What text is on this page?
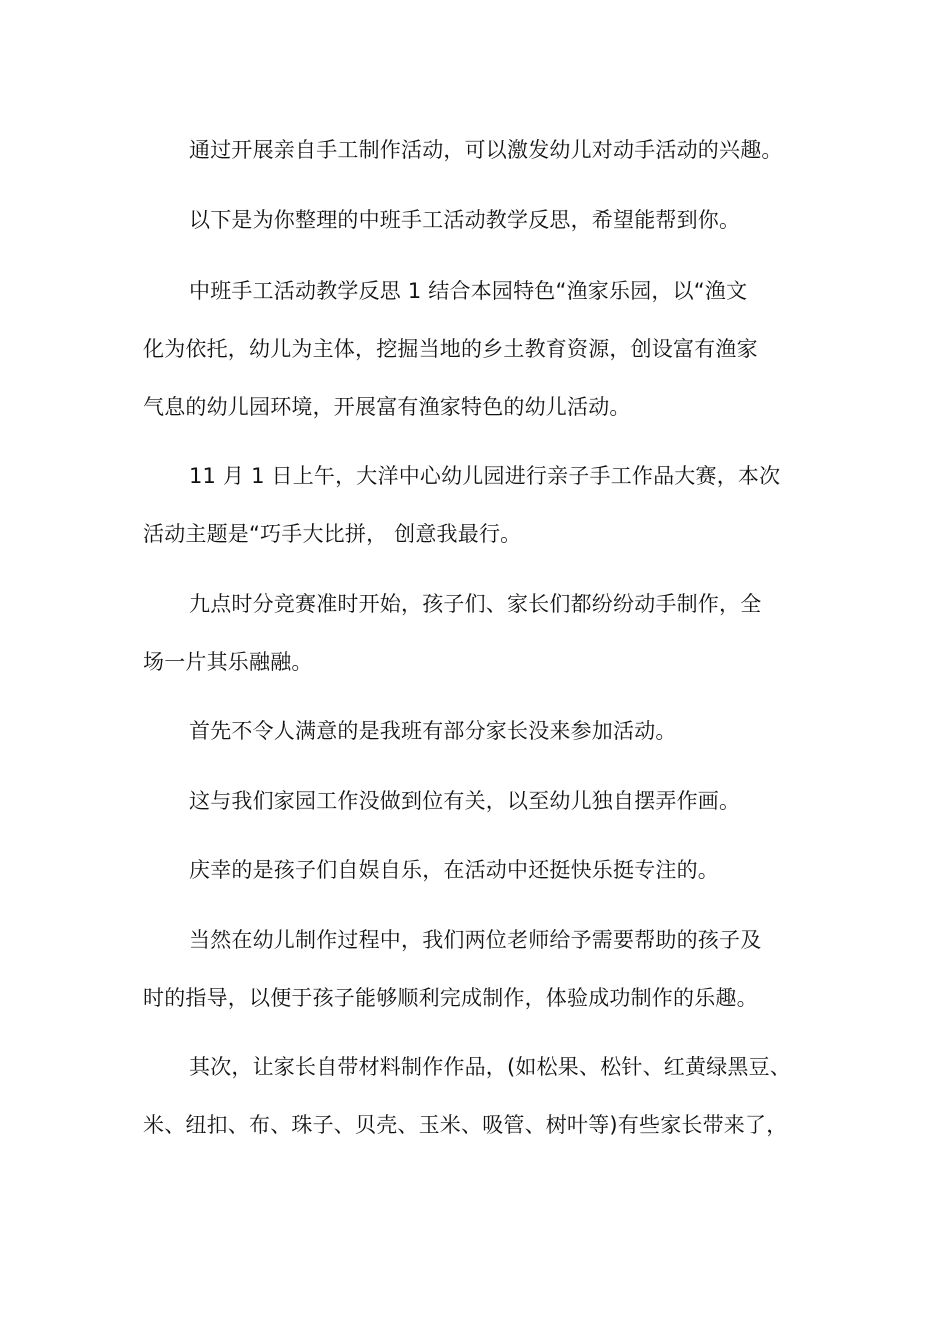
通过开展亲自手工制作活动，可以激发幼儿对动手活动的兴趣。
以下是为你整理的中班手工活动教学反思，希望能帮到你。
中班手工活动教学反思 1 结合本园特色“渔家乐园，以“渔文
化为依托，幼儿为主体，挖掘当地的乡土教育资源，创设富有渔家
气息的幼儿园环境，开展富有渔家特色的幼儿活动。
11 月 1 日上午，大洋中心幼儿园进行亲子手工作品大赛，本次
活动主题是“巧手大比拼， 创意我最行。
九点时分竞赛准时开始，孩子们、家长们都纷纷动手制作，全
场一片其乐融融。
首先不令人满意的是我班有部分家长没来参加活动。
这与我们家园工作没做到位有关，以至幼儿独自摆弄作画。
庆幸的是孩子们自娱自乐，在活动中还挺快乐挺专注的。
当然在幼儿制作过程中，我们两位老师给予需要帮助的孩子及
时的指导，以便于孩子能够顺利完成制作，体验成功制作的乐趣。
其次，让家长自带材料制作作品，(如松果、松针、红黄绿黑豆、
米、纽扣、布、珠子、贝壳、玉米、吸管、树叶等)有些家长带来了，
